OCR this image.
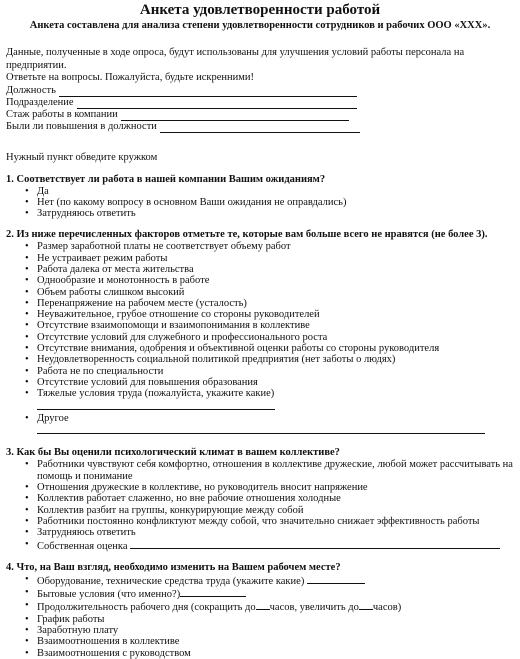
Анкета удовлетворенности работой
Анкета составлена для анализа степени удовлетворенности сотрудников и рабочих ООО «ХХХ».
Данные, полученные в ходе опроса, будут использованы для улучшения условий работы персонала на предприятии.
Ответьте на вопросы. Пожалуйста, будьте искренними!
Должность
Подразделение
Стаж работы в компании
Были ли повышения в должности
Нужный пункт обведите кружком
1. Соответствует ли работа в нашей компании Вашим ожиданиям?
• Да
• Нет (по какому вопросу в основном Ваши ожидания не оправдались)
• Затрудняюсь ответить
2. Из ниже перечисленных факторов отметьте те, которые вам больше всего не нравятся (не более 3).
• Размер заработной платы не соответствует объему работ
• Не устраивает режим работы
• Работа далека от места жительства
• Однообразие и монотонность в работе
• Объем работы слишком высокий
• Перенапряжение на рабочем месте (усталость)
• Неуважительное, грубое отношение со стороны руководителей
• Отсутствие взаимопомощи и взаимопонимания в коллективе
• Отсутствие условий для служебного и профессионального роста
• Отсутствие внимания, одобрения и объективной оценки работы со стороны руководителя
• Неудовлетворенность социальной политикой предприятия (нет заботы о людях)
• Работа не по специальности
• Отсутствие условий для повышения образования
• Тяжелые условия труда (пожалуйста, укажите какие)
• Другое
3. Как бы Вы оценили психологический климат в вашем коллективе?
• Работники чувствуют себя комфортно, отношения в коллективе дружеские, любой может рассчитывать на помощь и понимание
• Отношения дружеские в коллективе, но руководитель вносит напряжение
• Коллектив работает слаженно, но вне рабочие отношения холодные
• Коллектив разбит на группы, конкурирующие между собой
• Работники постоянно конфликтуют между собой, что значительно снижает эффективность работы
• Затрудняюсь ответить
• Собственная оценка
4. Что, на Ваш взгляд, необходимо изменить на Вашем рабочем месте?
• Оборудование, технические средства труда (укажите какие)
• Бытовые условия (что именно?)
• Продолжительность рабочего дня (сокращить до часов, увеличить до часов)
• График работы
• Заработную плату
• Взаимоотношения в коллективе
• Взаимоотношения с руководством
